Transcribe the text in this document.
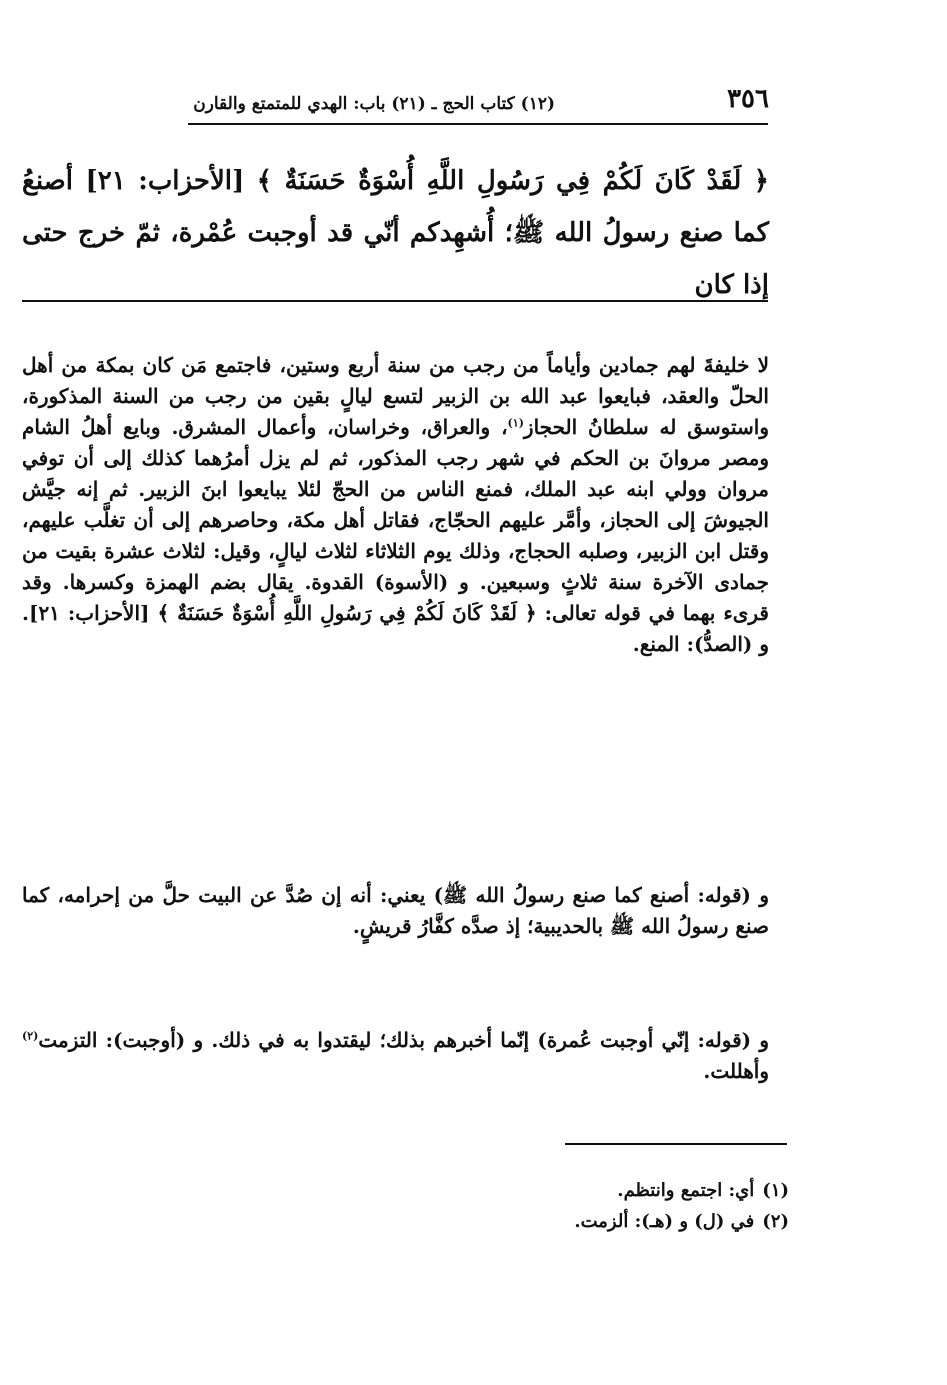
٣٥٦
(١٢) كتاب الحج ـ (٢١) باب: الهدي للمتمتع والقارن
﴿ لَقَدْ كَانَ لَكُمْ فِي رَسُولِ اللَّهِ أُسْوَةٌ حَسَنَةٌ ﴾ [الأحزاب: ٢١] أصنعُ كما صنع رسولُ الله ﷺ؛ أُشهِدكم أنّي قد أوجبت عُمْرة، ثمّ خرج حتى إذا كان
لا خليفةَ لهم جمادين وأياماً من رجب من سنة أربع وستين، فاجتمع مَن كان بمكة من أهل الحلّ والعقد، فبايعوا عبد الله بن الزبير لتسع ليالٍ بقين من رجب من السنة المذكورة، واستوسق له سلطانُ الحجاز$^{(١)}$، والعراق، وخراسان، وأعمال المشرق. وبايع أهلُ الشام ومصر مروانَ بن الحكم في شهر رجب المذكور، ثم لم يزل أمرُهما كذلك إلى أن توفي مروان وولي ابنه عبد الملك، فمنع الناس من الحجّ لئلا يبايعوا ابنَ الزبير. ثم إنه جيَّش الجيوشَ إلى الحجاز، وأمَّر عليهم الحجّاج، فقاتل أهل مكة، وحاصرهم إلى أن تغلَّب عليهم، وقتل ابن الزبير، وصلبه الحجاج، وذلك يوم الثلاثاء لثلاث ليالٍ، وقيل: لثلاث عشرة بقيت من جمادى الآخرة سنة ثلاثٍ وسبعين. و (الأسوة) القدوة. يقال بضم الهمزة وكسرها. وقد قرىء بهما في قوله تعالى: ﴿ لَقَدْ كَانَ لَكُمْ فِي رَسُولِ اللَّهِ أُسْوَةٌ حَسَنَةٌ ﴾ [الأحزاب: ٢١]. و (الصدُّ): المنع.
و (قوله: أصنع كما صنع رسولُ الله ﷺ) يعني: أنه إن صُدَّ عن البيت حلَّ من إحرامه، كما صنع رسولُ الله ﷺ بالحديبية؛ إذ صدَّه كفَّارُ قريشٍ.
و (قوله: إنّي أوجبت عُمرة) إنّما أخبرهم بذلك؛ ليقتدوا به في ذلك. و (أوجبت): التزمت$^{(٢)}$ وأهللت.
(١)أي: اجتمع وانتظم.
(٢)في (ل) و (هـ): ألزمت.
